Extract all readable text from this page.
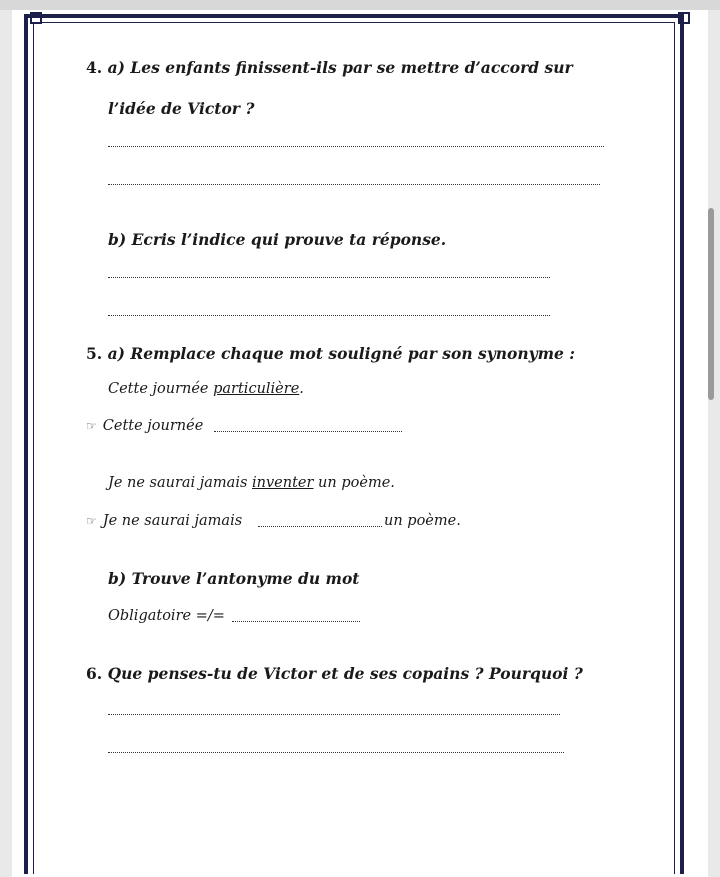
4. a) Les enfants finissent-ils par se mettre d’accord sur
l’idée de Victor ?
b) Ecris l’indice qui prouve ta réponse.
5. a) Remplace chaque mot souligné par son synonyme :
Cette journée particulière.
☞ Cette journée
Je ne saurai jamais inventer un poème.
☞ Je ne saurai jamais	un poème.
b) Trouve l’antonyme du mot
Obligatoire =/=
6. Que penses-tu de Victor et de ses copains ? Pourquoi ?
